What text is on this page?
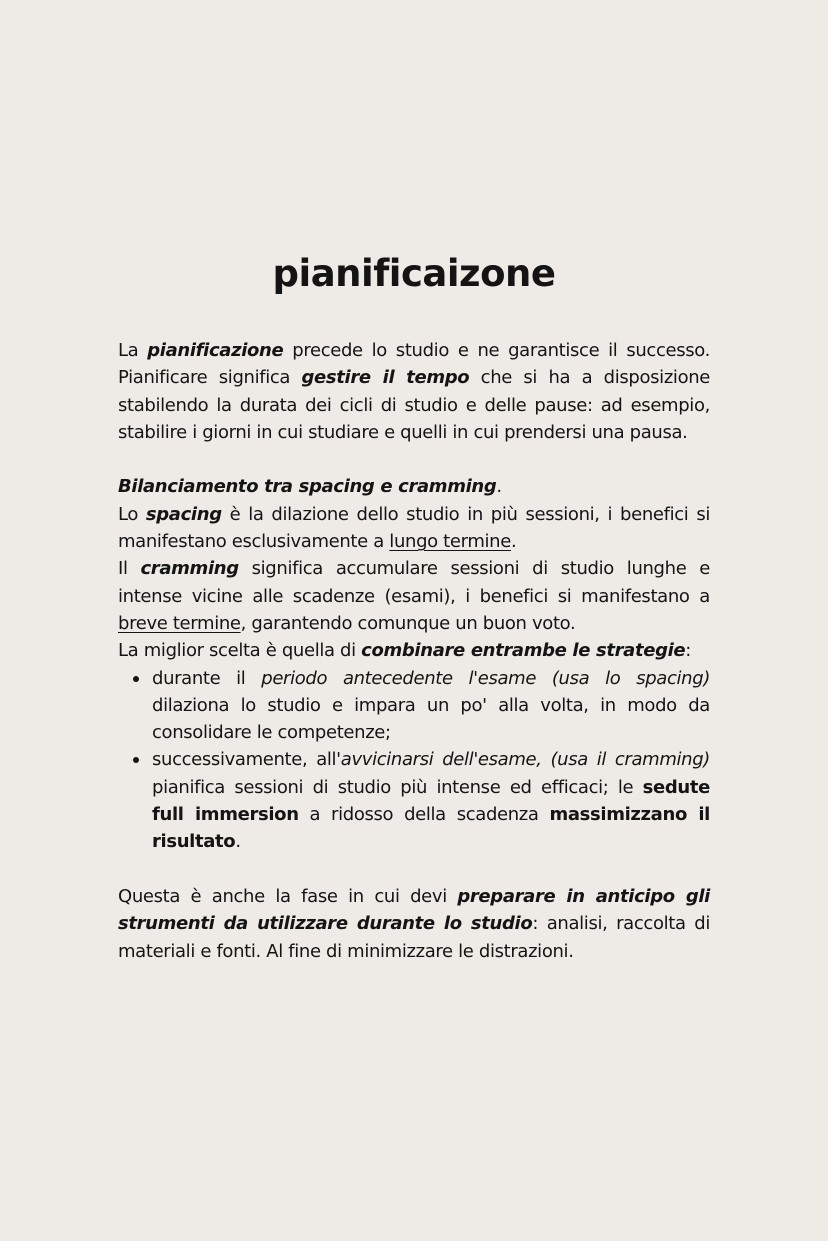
pianificaizone

La pianificazione precede lo studio e ne garantisce il successo. Pianificare significa gestire il tempo che si ha a disposizione stabilendo la durata dei cicli di studio e delle pause: ad esempio, stabilire i giorni in cui studiare e quelli in cui prendersi una pausa.

Bilanciamento tra spacing e cramming.

Lo spacing è la dilazione dello studio in più sessioni, i benefici si manifestano esclusivamente a lungo termine.

Il cramming significa accumulare sessioni di studio lunghe e intense vicine alle scadenze (esami), i benefici si manifestano a breve termine, garantendo comunque un buon voto.

La miglior scelta è quella di combinare entrambe le strategie:

durante il periodo antecedente l'esame (usa lo spacing) dilaziona lo studio e impara un po' alla volta, in modo da consolidare le competenze;
successivamente, all'avvicinarsi dell'esame, (usa il cramming) pianifica sessioni di studio più intense ed efficaci; le sedute full immersion a ridosso della scadenza massimizzano il risultato.

Questa è anche la fase in cui devi preparare in anticipo gli strumenti da utilizzare durante lo studio: analisi, raccolta di materiali e fonti. Al fine di minimizzare le distrazioni.
